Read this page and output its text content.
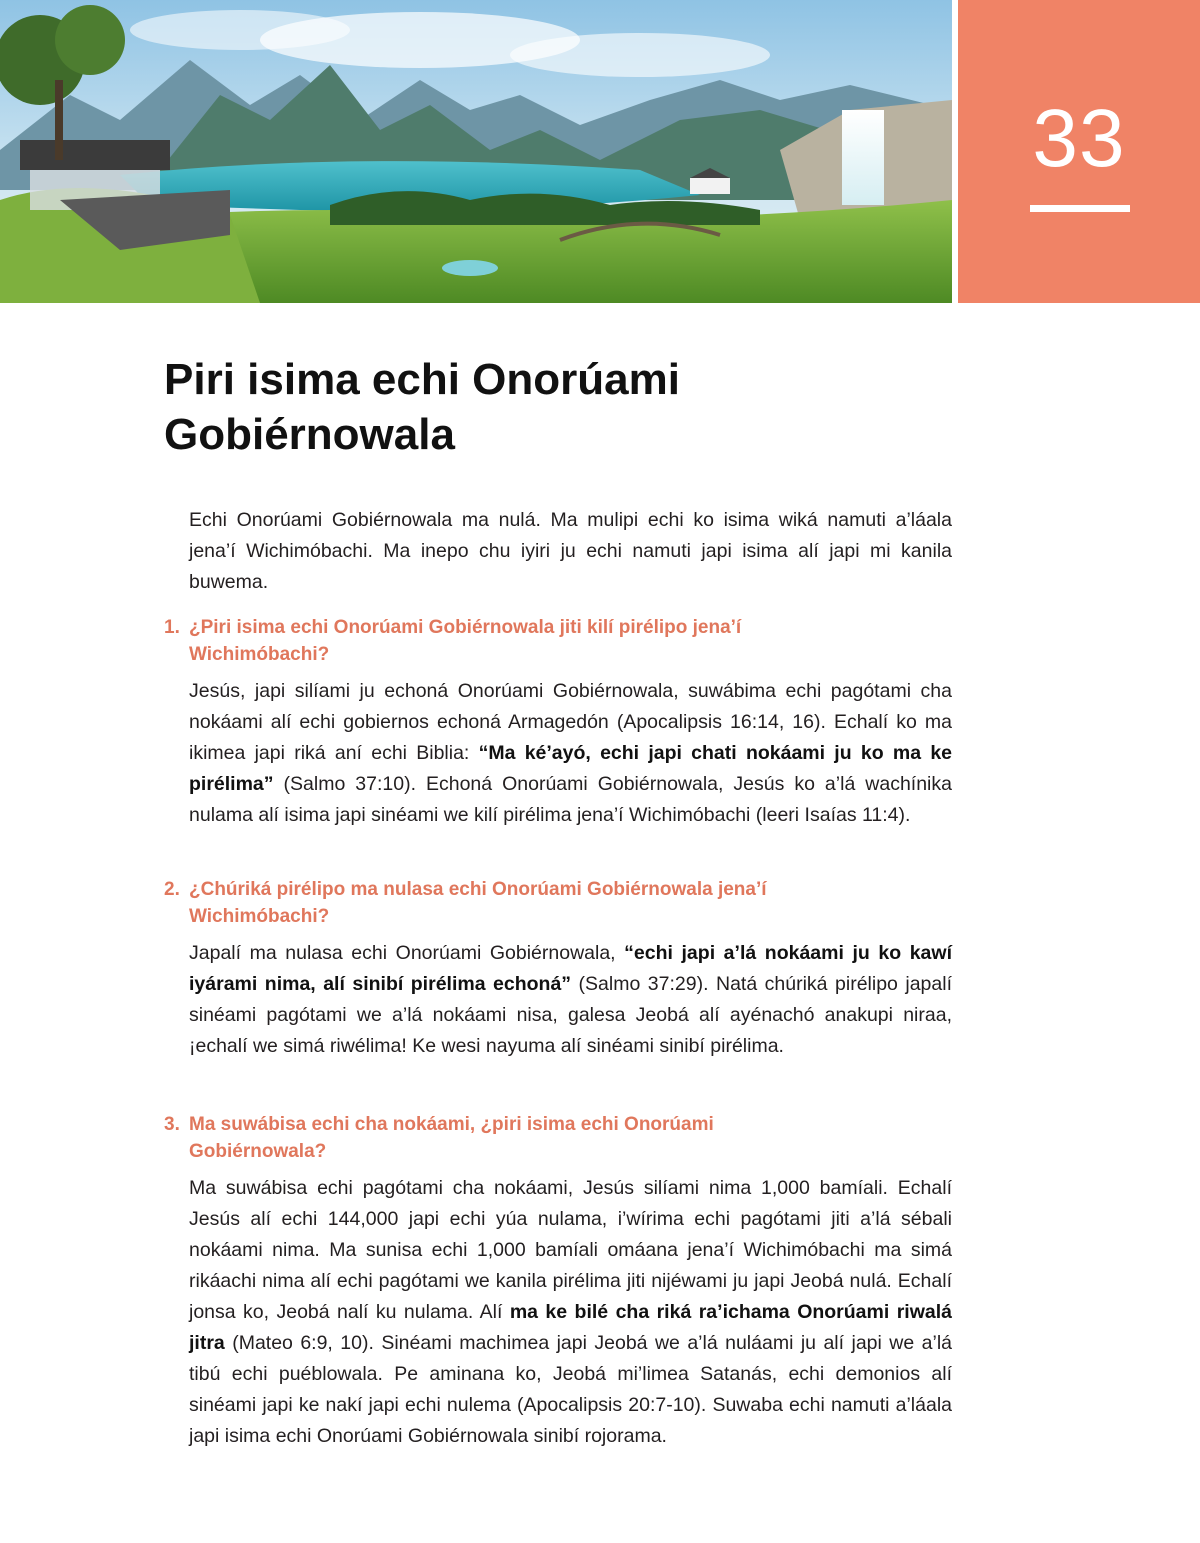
33
Piri isima echi Onorúami Gobiérnowala

Echi Onorúami Gobiérnowala ma nulá. Ma mulipi echi ko isima wiká namuti a’láala jena’í Wichimóbachi. Ma inepo chu iyiri ju echi namuti japi isima alí japi mi kanila buwema.

1. ¿Piri isima echi Onorúami Gobiérnowala jiti kilí pirélipo jena’í Wichimóbachi?

Jesús, japi silíami ju echoná Onorúami Gobiérnowala, suwábima echi pagótami cha nokáami alí echi gobiernos echoná Armagedón (Apocalipsis 16:14, 16). Echalí ko ma ikimea japi riká aní echi Biblia: “Ma ké’ayó, echi japi chati nokáami ju ko ma ke pirélima” (Salmo 37:10). Echoná Onorúami Gobiérnowala, Jesús ko a’lá wachínika nulama alí isima japi sinéami we kilí pirélima jena’í Wichimóbachi (leeri Isaías 11:4).

2. ¿Chúriká pirélipo ma nulasa echi Onorúami Gobiérnowala jena’í Wichimóbachi?

Japalí ma nulasa echi Onorúami Gobiérnowala, “echi japi a’lá nokáami ju ko kawí iyárami nima, alí sinibí pirélima echoná” (Salmo 37:29). Natá chúriká pirélipo japalí sinéami pagótami we a’lá nokáami nisa, galesa Jeobá alí ayénachó anakupi niraa, ¡echalí we simá riwélima! Ke wesi nayuma alí sinéami sinibí pirélima.

3. Ma suwábisa echi cha nokáami, ¿piri isima echi Onorúami Gobiérnowala?

Ma suwábisa echi pagótami cha nokáami, Jesús silíami nima 1,000 bamíali. Echalí Jesús alí echi 144,000 japi echi yúa nulama, i’wírima echi pagótami jiti a’lá sébali nokáami nima. Ma sunisa echi 1,000 bamíali omáana jena’í Wichimóbachi ma simá rikáachi nima alí echi pagótami we kanila pirélima jiti nijéwami ju japi Jeobá nulá. Echalí jonsa ko, Jeobá nalí ku nulama. Alí ma ke bilé cha riká ra’ichama Onorúami riwalá jitra (Mateo 6:9, 10). Sinéami machimea japi Jeobá we a’lá nuláami ju alí japi we a’lá tibú echi puéblowala. Pe aminana ko, Jeobá mi’limea Satanás, echi demonios alí sinéami japi ke nakí japi echi nulema (Apocalipsis 20:7-10). Suwaba echi namuti a’láala japi isima echi Onorúami Gobiérnowala sinibí rojorama.
